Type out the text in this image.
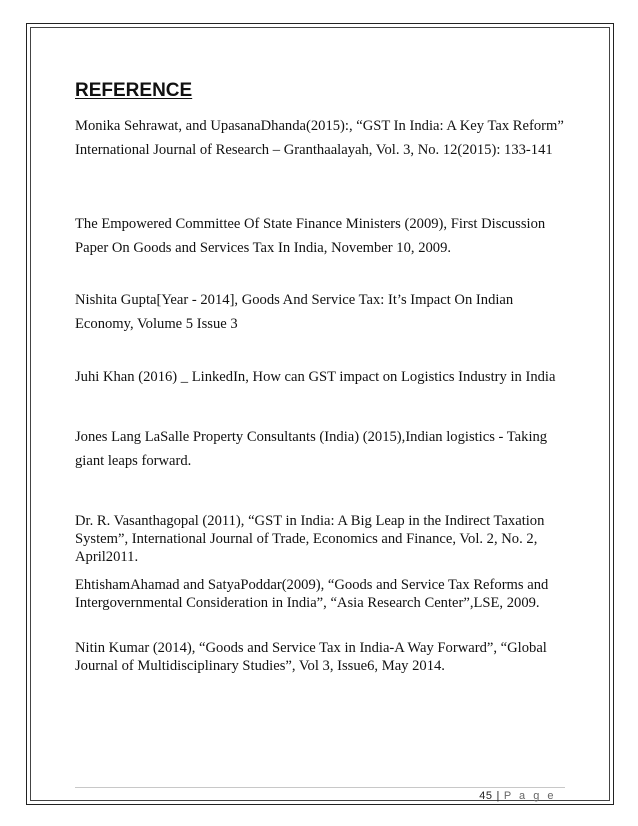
REFERENCE

Monika Sehrawat, and UpasanaDhanda(2015):, “GST In India: A Key Tax Reform” International Journal of Research – Granthaalayah, Vol. 3, No. 12(2015): 133-141

The Empowered Committee Of State Finance Ministers (2009), First Discussion Paper On Goods and Services Tax In India, November 10, 2009.

Nishita Gupta[Year - 2014], Goods And Service Tax: It’s Impact On Indian Economy, Volume 5 Issue 3

Juhi Khan (2016) _ LinkedIn, How can GST impact on Logistics Industry in India

Jones Lang LaSalle Property Consultants (India) (2015),Indian logistics - Taking giant leaps forward.

Dr. R. Vasanthagopal (2011), “GST in India: A Big Leap in the Indirect Taxation System”, International Journal of Trade, Economics and Finance, Vol. 2, No. 2, April2011.

EhtishamAhamad and SatyaPoddar(2009), “Goods and Service Tax Reforms and Intergovernmental Consideration in India”, “Asia Research Center”,LSE, 2009.

Nitin Kumar (2014), “Goods and Service Tax in India-A Way Forward”, “Global Journal of Multidisciplinary Studies”, Vol 3, Issue6, May 2014.

45 | P a g e
